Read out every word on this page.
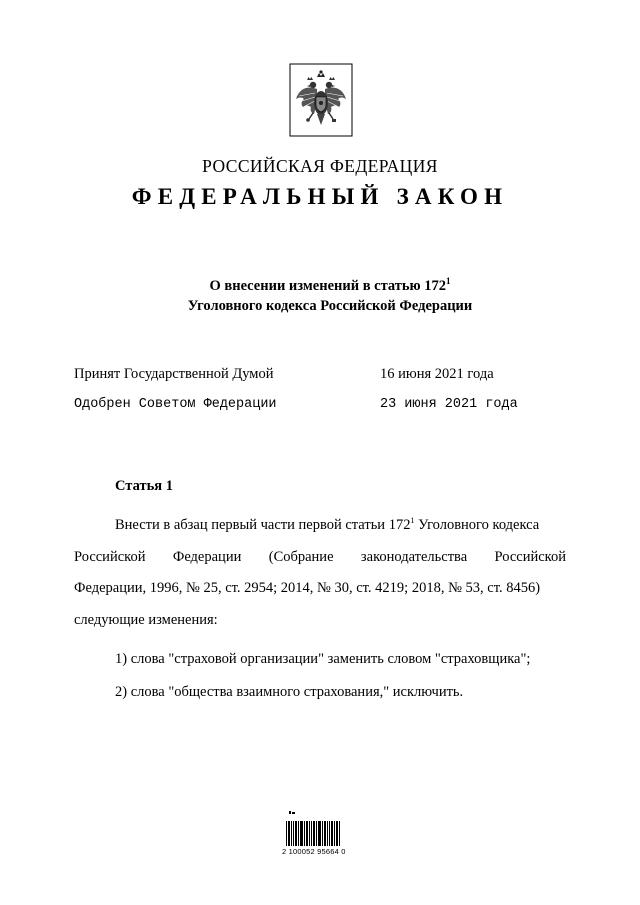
РОССИЙСКАЯ ФЕДЕРАЦИЯ
ФЕДЕРАЛЬНЫЙ ЗАКОН
О внесении изменений в статью $172^1$
Уголовного кодекса Российской Федерации
Принят Государственной Думой	16 июня 2021 года
Одобрен Советом Федерации	23 июня 2021 года
Статья 1
Внести в абзац первый части первой статьи $172^1$ Уголовного кодекса
Российской Федерации (Собрание законодательства Российской
Федерации, 1996, № 25, ст. 2954; 2014, № 30, ст. 4219; 2018, № 53, ст. 8456)
следующие изменения:
1) слова "страховой организации" заменить словом "страховщика";
2) слова "общества взаимного страхования," исключить.
2 100052 95664 0
